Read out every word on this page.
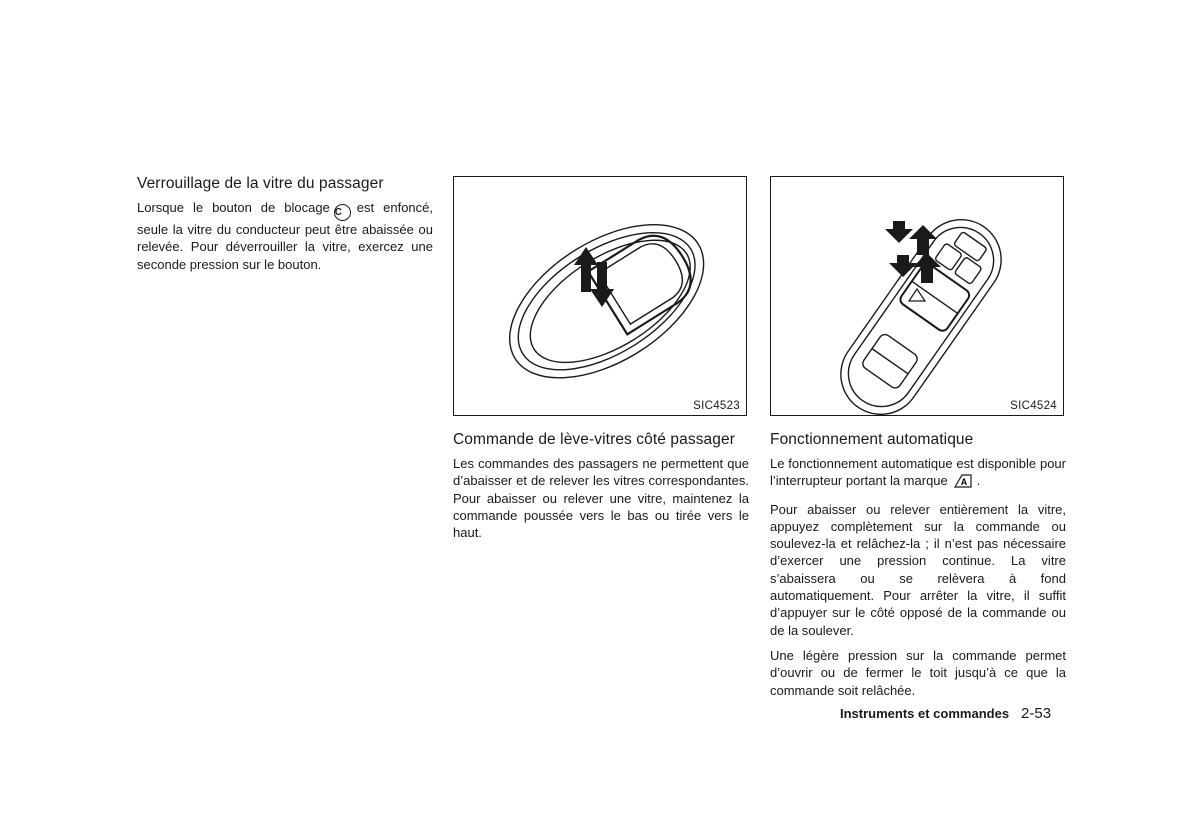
Verrouillage de la vitre du passager

Lorsque le bouton de blocage C est enfoncé, seule la vitre du conducteur peut être abaissée ou relevée. Pour déverrouiller la vitre, exercez une seconde pression sur le bouton.

SIC4523
Commande de lève-vitres côté passager

Les commandes des passagers ne permettent que d’abaisser et de relever les vitres correspondantes. Pour abaisser ou relever une vitre, maintenez la commande poussée vers le bas ou tirée vers le haut.

SIC4524
Fonctionnement automatique

Le fonctionnement automatique est disponible pour l’interrupteur portant la marque A .

Pour abaisser ou relever entièrement la vitre, appuyez complètement sur la commande ou soulevez-la et relâchez-la ; il n’est pas nécessaire d’exercer une pression continue. La vitre s’abaissera ou se relèvera à fond automatiquement. Pour arrêter la vitre, il suffit d’appuyer sur le côté opposé de la commande ou de la soulever.

Une légère pression sur la commande permet d’ouvrir ou de fermer le toit jusqu’à ce que la commande soit relâchée.

Instruments et commandes 2-53
